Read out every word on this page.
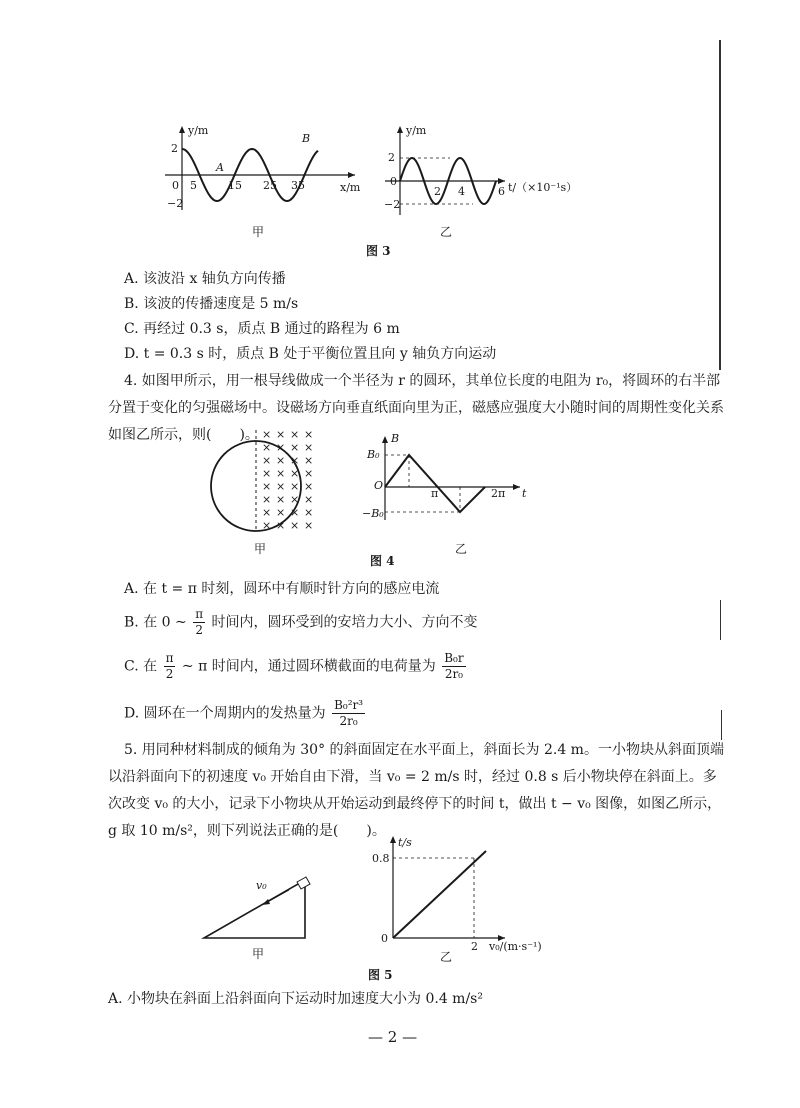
y/m
x/m
2
−2
0 5	15 25 35
A
B
甲
y/m
2
−2
0
2 4	6 t/（×10⁻¹s）
乙
图 3
A. 该波沿 x 轴负方向传播
B. 该波的传播速度是 5 m/s
C. 再经过 0.3 s，质点 B 通过的路程为 6 m
D. t = 0.3 s 时，质点 B 处于平衡位置且向 y 轴负方向运动
4. 如图甲所示，用一根导线做成一个半径为 r 的圆环，其单位长度的电阻为 r₀，将圆环的右半部分置于变化的匀强磁场中。设磁场方向垂直纸面向里为正，磁感应强度大小随时间的周期性变化关系如图乙所示，则(　　)。 × × × ×
× × × ×
× × × ×
× × × ×
× × × ×
× × × ×
× × × ×
× × × ×
甲
B
B₀
−B₀
O
π	2π t
乙
图 4
A. 在 t = π 时刻，圆环中有顺时针方向的感应电流
B. 在 0 ~ $\frac{\pi}{2}$ 时间内，圆环受到的安培力大小、方向不变
C. 在 $\frac{\pi}{2}$ ~ π 时间内，通过圆环横截面的电荷量为 $\frac{\text{B₀r}}{\text{2r₀}}$
D. 圆环在一个周期内的发热量为 $\frac{\text{B₀²r³}}{\text{2r₀}}$
5. 用同种材料制成的倾角为 30° 的斜面固定在水平面上，斜面长为 2.4 m。一小物块从斜面顶端以沿斜面向下的初速度 v₀ 开始自由下滑，当 v₀ = 2 m/s 时，经过 0.8 s 后小物块停在斜面上。多次改变 v₀ 的大小，记录下小物块从开始运动到最终停下的时间 t，做出 t − v₀ 图像，如图乙所示，g 取 10 m/s²，则下列说法正确的是(　　)。
v₀
甲
t/s
0.8
0
2 v₀/(m·s⁻¹)
乙
图 5
A. 小物块在斜面上沿斜面向下运动时加速度大小为 0.4 m/s²
— 2 —
